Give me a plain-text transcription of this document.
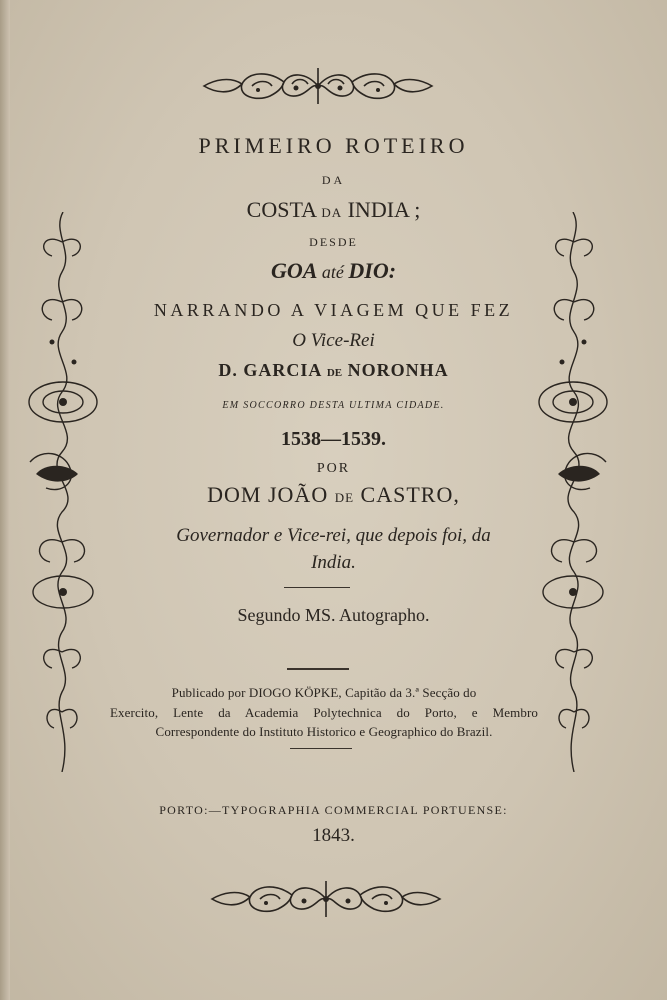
PRIMEIRO ROTEIRO
DA
COSTA DA INDIA ;
DESDE
GOA até DIO:
NARRANDO A VIAGEM QUE FEZ
O Vice-Rei
D. GARCIA DE NORONHA
EM SOCCORRO DESTA ULTIMA CIDADE.
1538—1539.
POR
DOM JOÃO DE CASTRO,
Governador e Vice-rei, que depois foi, da
India.
Segundo MS. Autographo.
Publicado por DIOGO KÖPKE, Capitão da 3.ª Secção do
Exercito, Lente da Academia Polytechnica do Porto, e Membro
Correspondente do Instituto Historico e Geographico do Brazil.
PORTO:—TYPOGRAPHIA COMMERCIAL PORTUENSE:
1843.
